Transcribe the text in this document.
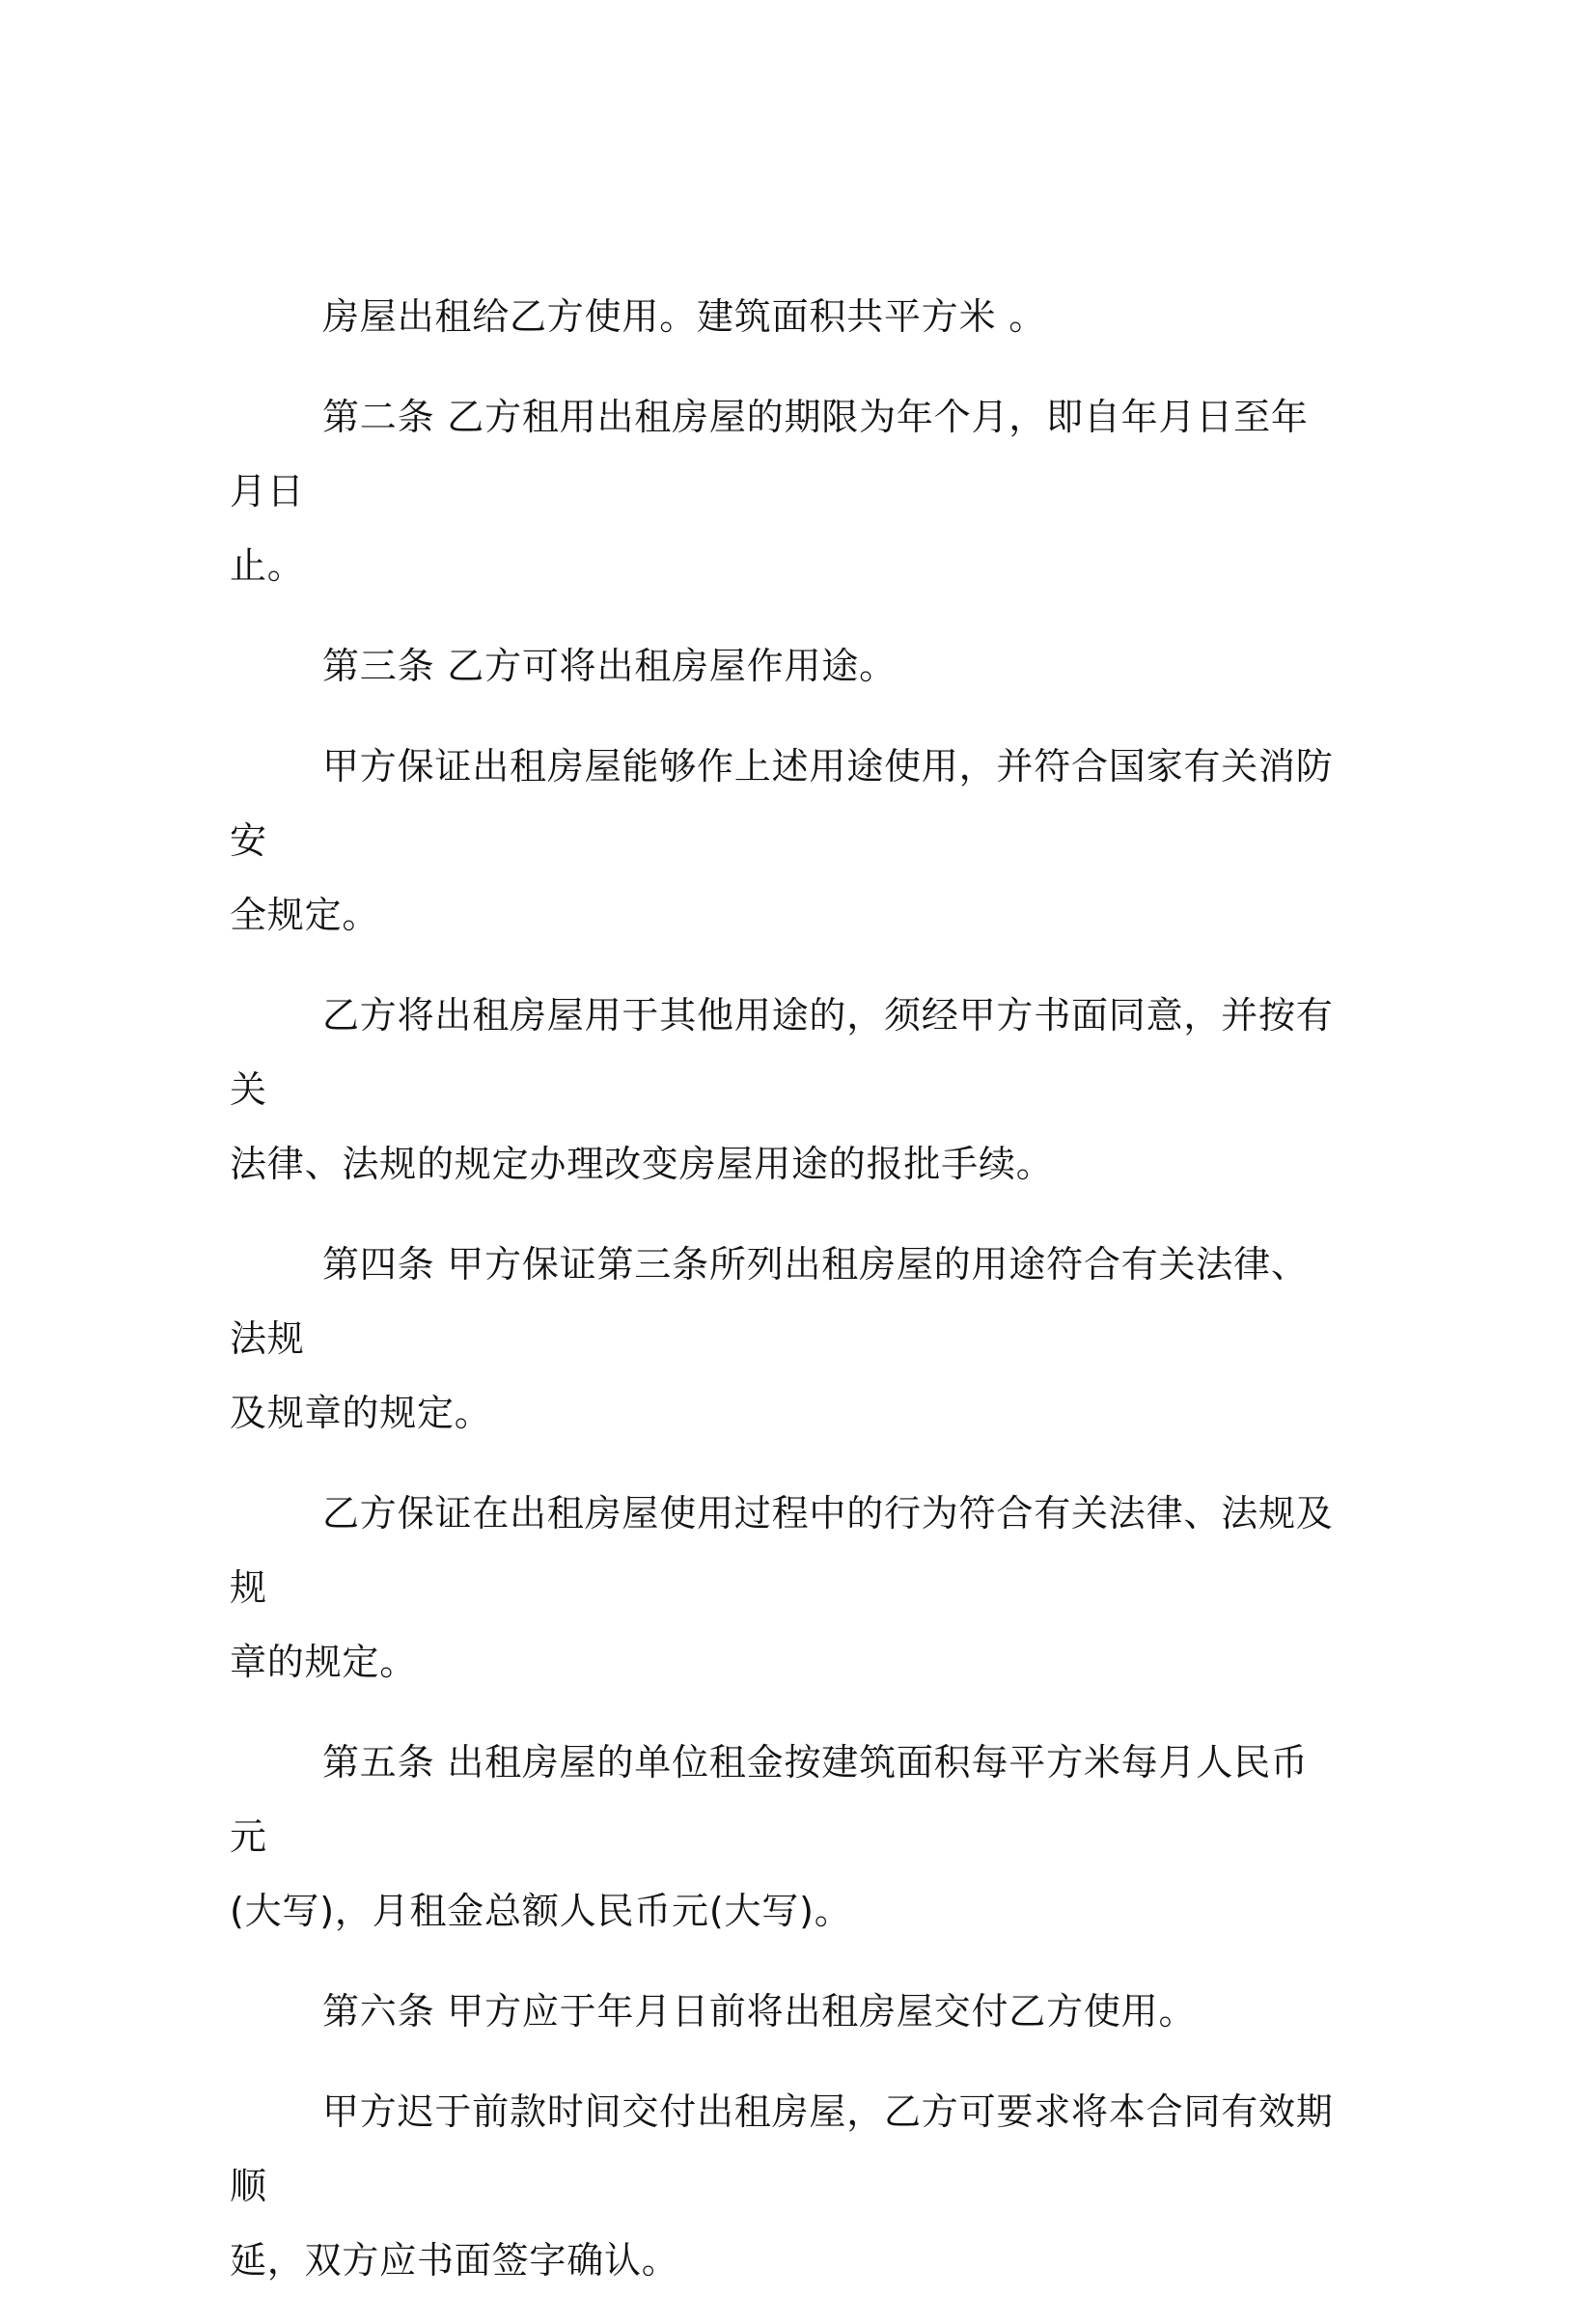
房屋出租给乙方使用。建筑面积共平方米 。

第二条 乙方租用出租房屋的期限为年个月，即自年月日至年月日
止。

第三条 乙方可将出租房屋作用途。

甲方保证出租房屋能够作上述用途使用，并符合国家有关消防安
全规定。

乙方将出租房屋用于其他用途的，须经甲方书面同意，并按有关
法律、法规的规定办理改变房屋用途的报批手续。

第四条 甲方保证第三条所列出租房屋的用途符合有关法律、法规
及规章的规定。

乙方保证在出租房屋使用过程中的行为符合有关法律、法规及规
章的规定。

第五条 出租房屋的单位租金按建筑面积每平方米每月人民币元
(大写)，月租金总额人民币元(大写)。

第六条 甲方应于年月日前将出租房屋交付乙方使用。

甲方迟于前款时间交付出租房屋，乙方可要求将本合同有效期顺
延，双方应书面签字确认。
